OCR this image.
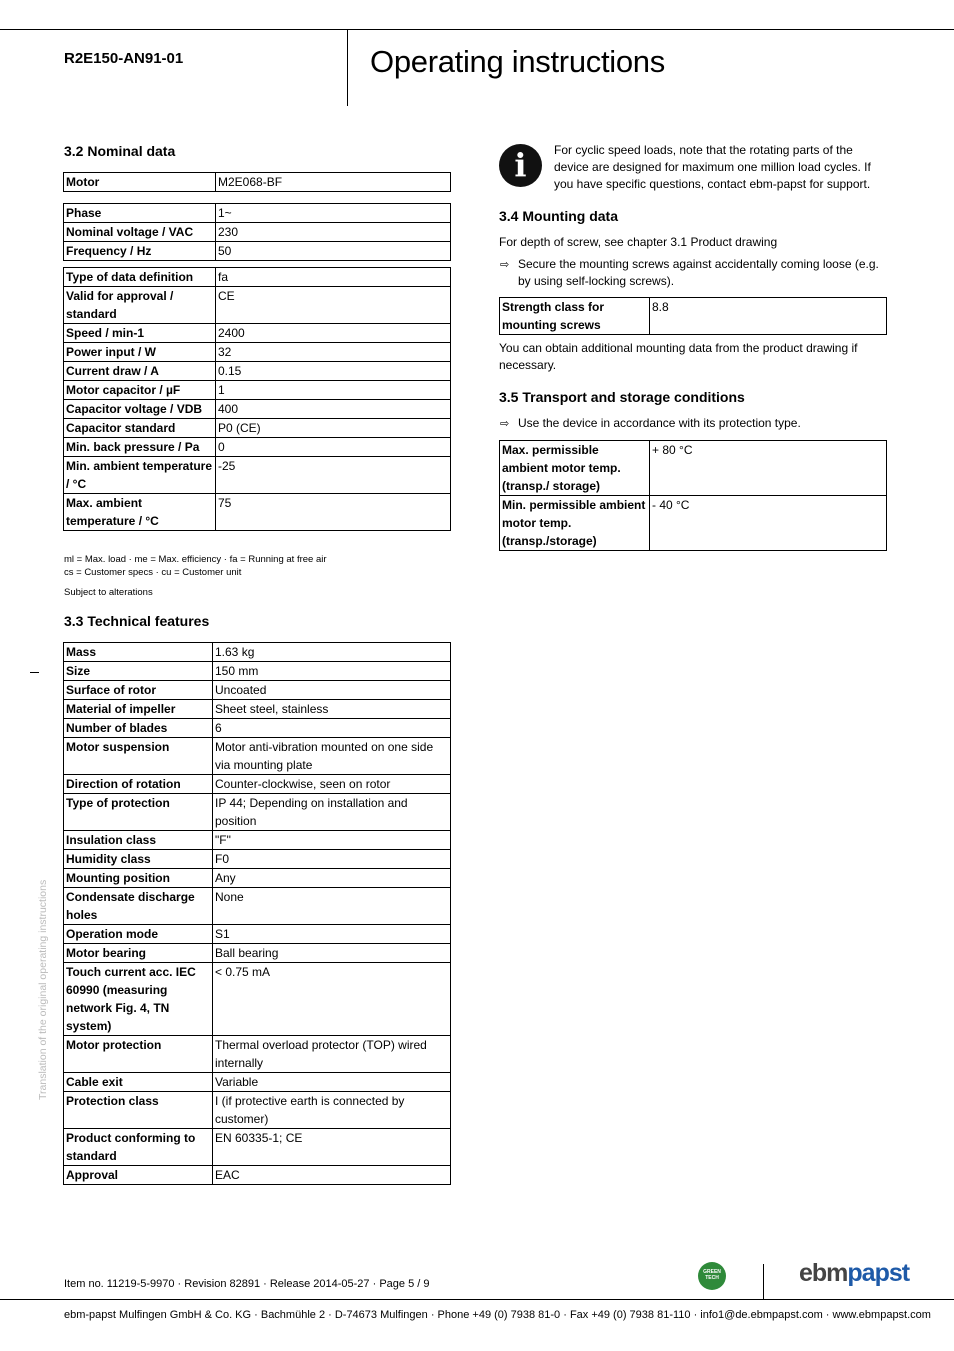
R2E150-AN91-01	Operating instructions
Translation of the original operating instructions
3.2 Nominal data
Motor	M2E068-BF
Phase	1~
Nominal voltage / VAC	230
Frequency / Hz	50
Type of data definition	fa
Valid for approval / standard	CE
Speed / min-1	2400
Power input / W	32
Current draw / A	0.15
Motor capacitor / µF	1
Capacitor voltage / VDB	400
Capacitor standard	P0 (CE)
Min. back pressure / Pa	0
Min. ambient temperature / °C	-25
Max. ambient temperature / °C	75
ml = Max. load · me = Max. efficiency · fa = Running at free air
cs = Customer specs · cu = Customer unit
Subject to alterations
3.3 Technical features
Mass	1.63 kg
Size	150 mm
Surface of rotor	Uncoated
Material of impeller	Sheet steel, stainless
Number of blades	6
Motor suspension	Motor anti-vibration mounted on one side via mounting plate
Direction of rotation	Counter-clockwise, seen on rotor
Type of protection	IP 44; Depending on installation and position
Insulation class	"F"
Humidity class	F0
Mounting position	Any
Condensate discharge holes	None
Operation mode	S1
Motor bearing	Ball bearing
Touch current acc. IEC 60990 (measuring network Fig. 4, TN system)	< 0.75 mA
Motor protection	Thermal overload protector (TOP) wired internally
Cable exit	Variable
Protection class	I (if protective earth is connected by customer)
Product conforming to standard	EN 60335-1; CE
Approval	EAC
i	For cyclic speed loads, note that the rotating parts of the device are designed for maximum one million load cycles. If you have specific questions, contact ebm-papst for support.
3.4 Mounting data
For depth of screw, see chapter 3.1 Product drawing
⇨ Secure the mounting screws against accidentally coming loose (e.g. by using self-locking screws).
Strength class for mounting screws	8.8
You can obtain additional mounting data from the product drawing if necessary.
3.5 Transport and storage conditions
⇨ Use the device in accordance with its protection type.
Max. permissible ambient motor temp. (transp./ storage)	+ 80 °C
Min. permissible ambient motor temp. (transp./storage)	- 40 °C
Item no. 11219-5-9970 · Revision 82891 · Release 2014-05-27 · Page 5 / 9
GREEN
TECH	ebmpapst
ebm-papst Mulfingen GmbH & Co. KG · Bachmühle 2 · D-74673 Mulfingen · Phone +49 (0) 7938 81-0 · Fax +49 (0) 7938 81-110 · info1@de.ebmpapst.com · www.ebmpapst.com
